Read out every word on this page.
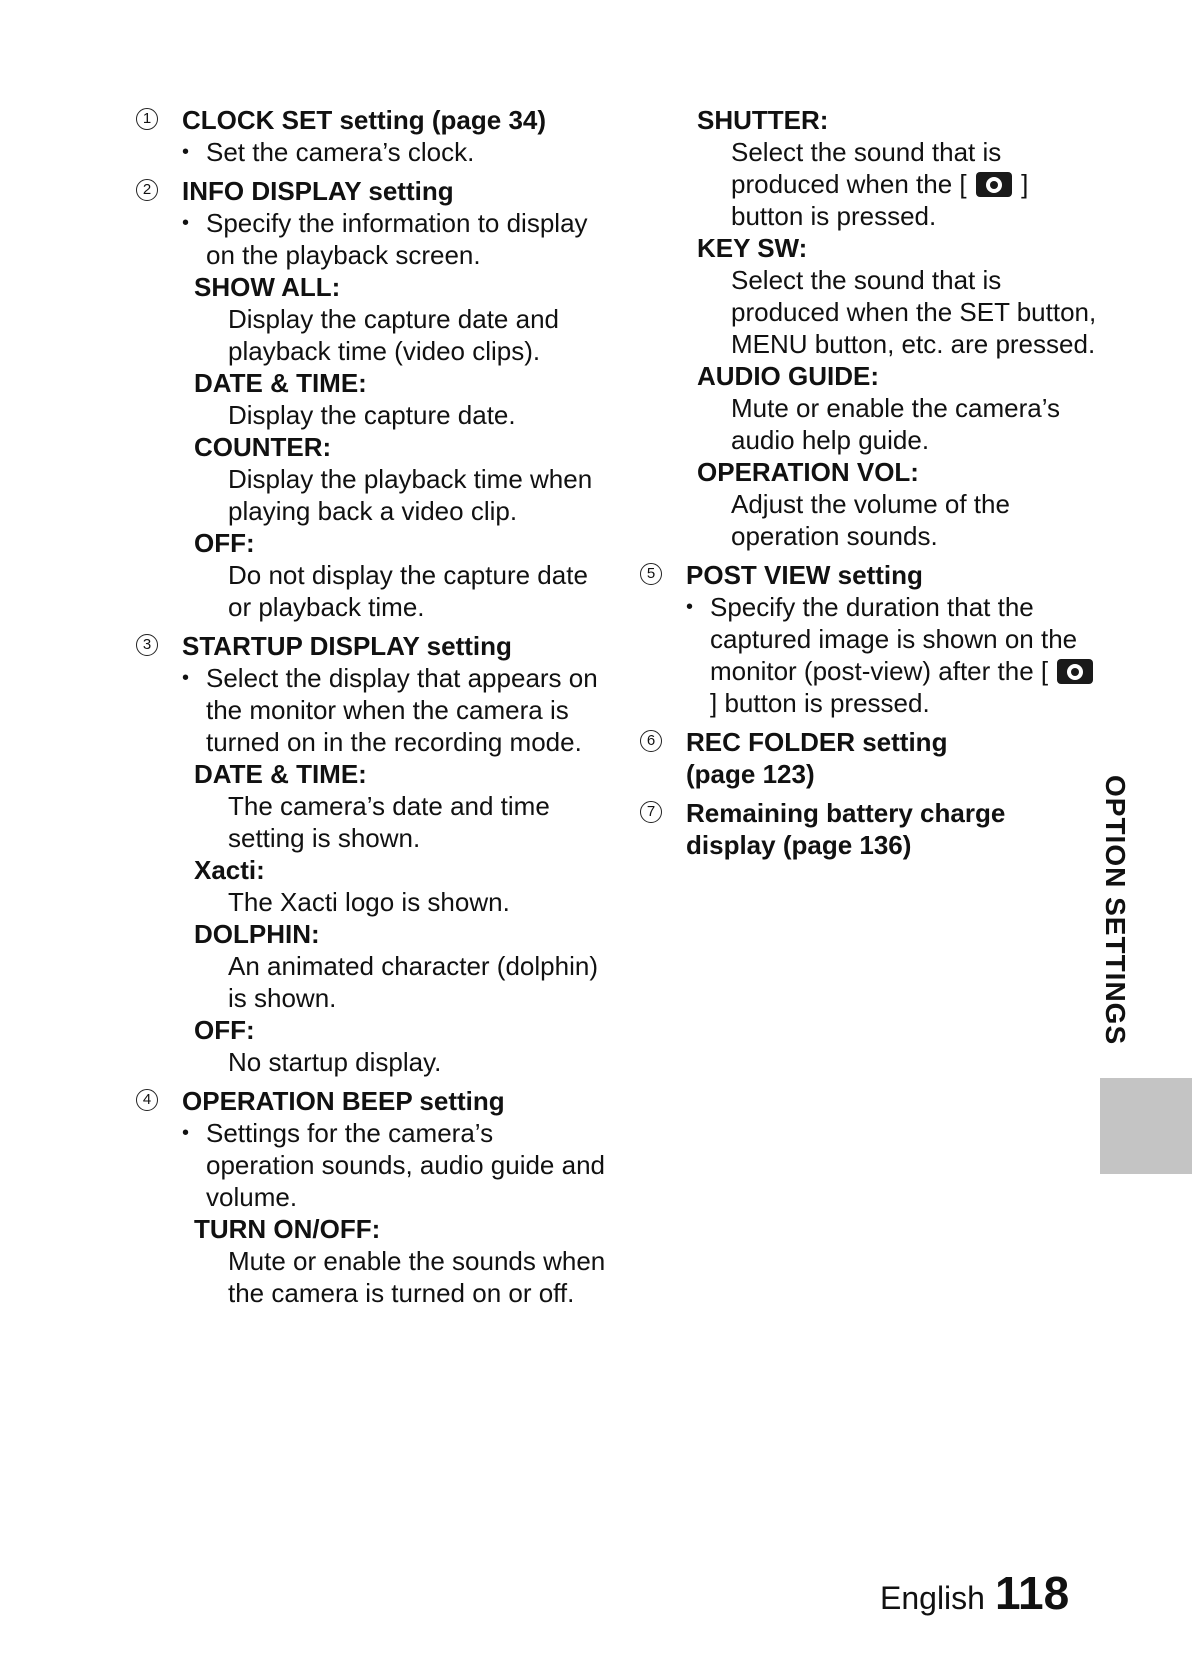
1 CLOCK SET setting (page 34)
• Set the camera’s clock.
2 INFO DISPLAY setting
• Specify the information to display on the playback screen.
SHOW ALL:
Display the capture date and playback time (video clips).
DATE & TIME:
Display the capture date.
COUNTER:
Display the playback time when playing back a video clip.
OFF:
Do not display the capture date or playback time.
3 STARTUP DISPLAY setting
• Select the display that appears on the monitor when the camera is turned on in the recording mode.
DATE & TIME:
The camera’s date and time setting is shown.
Xacti:
The Xacti logo is shown.
DOLPHIN:
An animated character (dolphin) is shown.
OFF:
No startup display.
4 OPERATION BEEP setting
• Settings for the camera’s operation sounds, audio guide and volume.
TURN ON/OFF:
Mute or enable the sounds when the camera is turned on or off.
SHUTTER:
Select the sound that is produced when the [ ] button is pressed.
KEY SW:
Select the sound that is produced when the SET button, MENU button, etc. are pressed.
AUDIO GUIDE:
Mute or enable the camera’s audio help guide.
OPERATION VOL:
Adjust the volume of the operation sounds.
5 POST VIEW setting
• Specify the duration that the captured image is shown on the monitor (post-view) after the [  ] button is pressed.
6 REC FOLDER setting
(page 123)
7 Remaining battery charge
display (page 136)	OPTION SETTINGS
English 118
